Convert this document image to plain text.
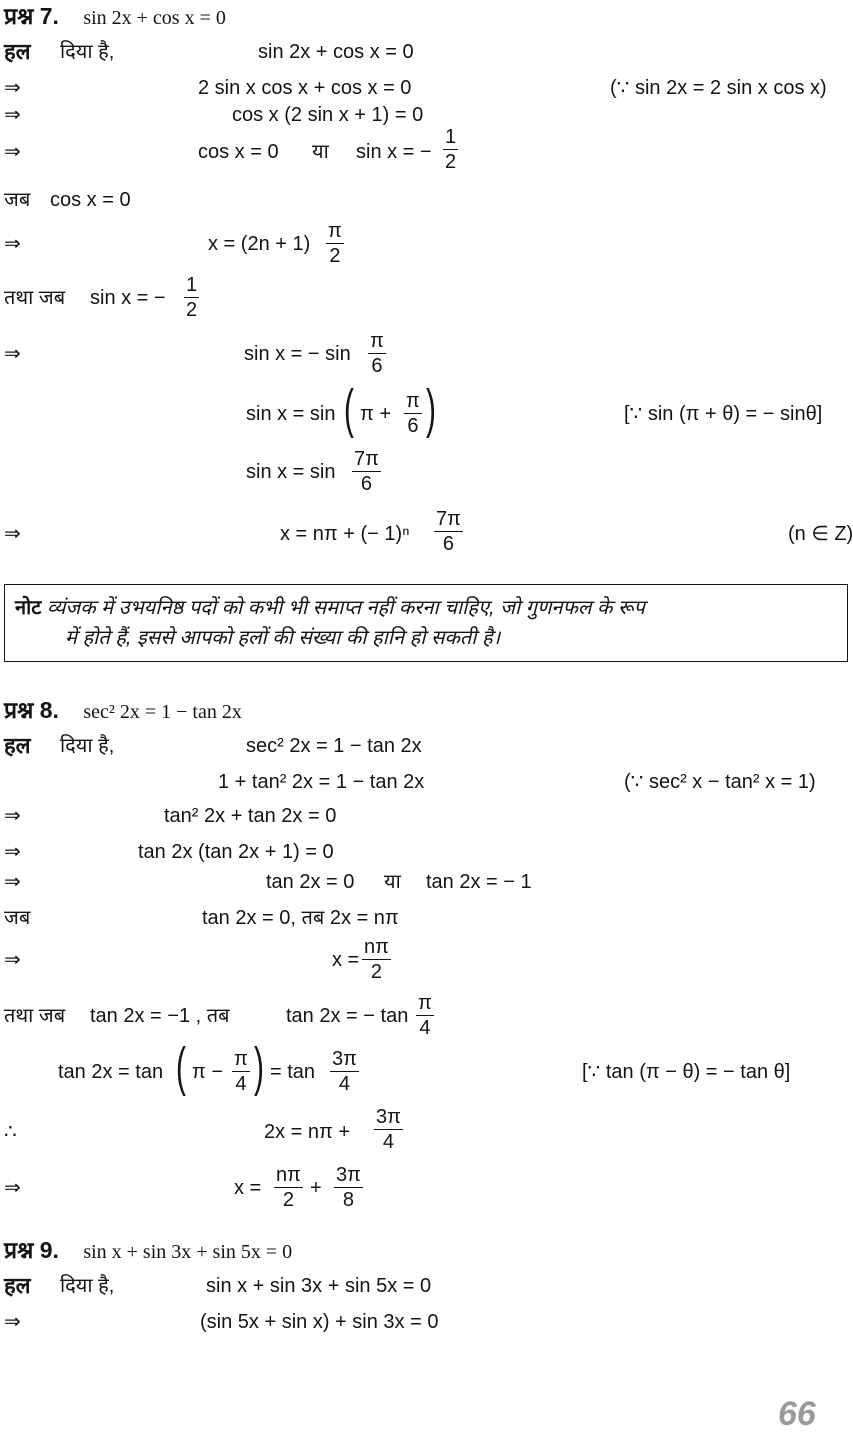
प्रश्न 7. sin 2x + cos x = 0
हल दिया है,	sin 2x + cos x = 0
⇒	2 sin x cos x + cos x = 0	(∵ sin 2x = 2 sin x cos x)
⇒	cos x (2 sin x + 1) = 0
⇒	cos x = 0 या sin x = − $\frac{1}{2}$
जब cos x = 0
⇒	$x = (2n + 1) \frac{\pi}{2}$
तथा जब sin x = − $\frac{1}{2}$
⇒	sin x = − $\sin \frac{\pi}{6}$
sin x = sin ( $\pi + \frac{\pi}{6}$ )	[∵ sin (π + θ) = − sinθ]
$\sin x = \sin \frac{7\pi}{6}$
⇒	x = nπ + (− $1)^n \frac{7\pi}{6}$	(n ∈ Z)
नोट व्यंजक में उभयनिष्ठ पदों को कभी भी समाप्त नहीं करना चाहिए, जो गुणनफल के रूप
में होते हैं, इससे आपको हलों की संख्या की हानि हो सकती है।
प्रश्न 8. sec² 2x = 1 − tan 2x
हल दिया है,	sec² 2x = 1 − tan 2x
1 + tan² 2x = 1 − tan 2x	(∵ sec² x − tan² x = 1)
⇒	tan² 2x + tan 2x = 0
⇒	tan 2x (tan 2x + 1) = 0
⇒	tan 2x = 0 या tan 2x = − 1
जब	tan 2x = 0, तब 2x = nπ
⇒	$x = \frac{n\pi}{2}$
तथा जब tan 2x = −1 , तब	tan 2x = − $\tan \frac{\pi}{4}$
tan 2x = tan ( $\pi - \frac{\pi}{4}$ ) = $\tan \frac{3\pi}{4}$	[∵ tan (π − θ) = − tan θ]
∴	$2x = n\pi + \frac{3\pi}{4}$
⇒	$x = \frac{n\pi}{2} + \frac{3\pi}{8}$
प्रश्न 9. sin x + sin 3x + sin 5x = 0
हल दिया है,	sin x + sin 3x + sin 5x = 0
⇒	(sin 5x + sin x) + sin 3x = 0
66
